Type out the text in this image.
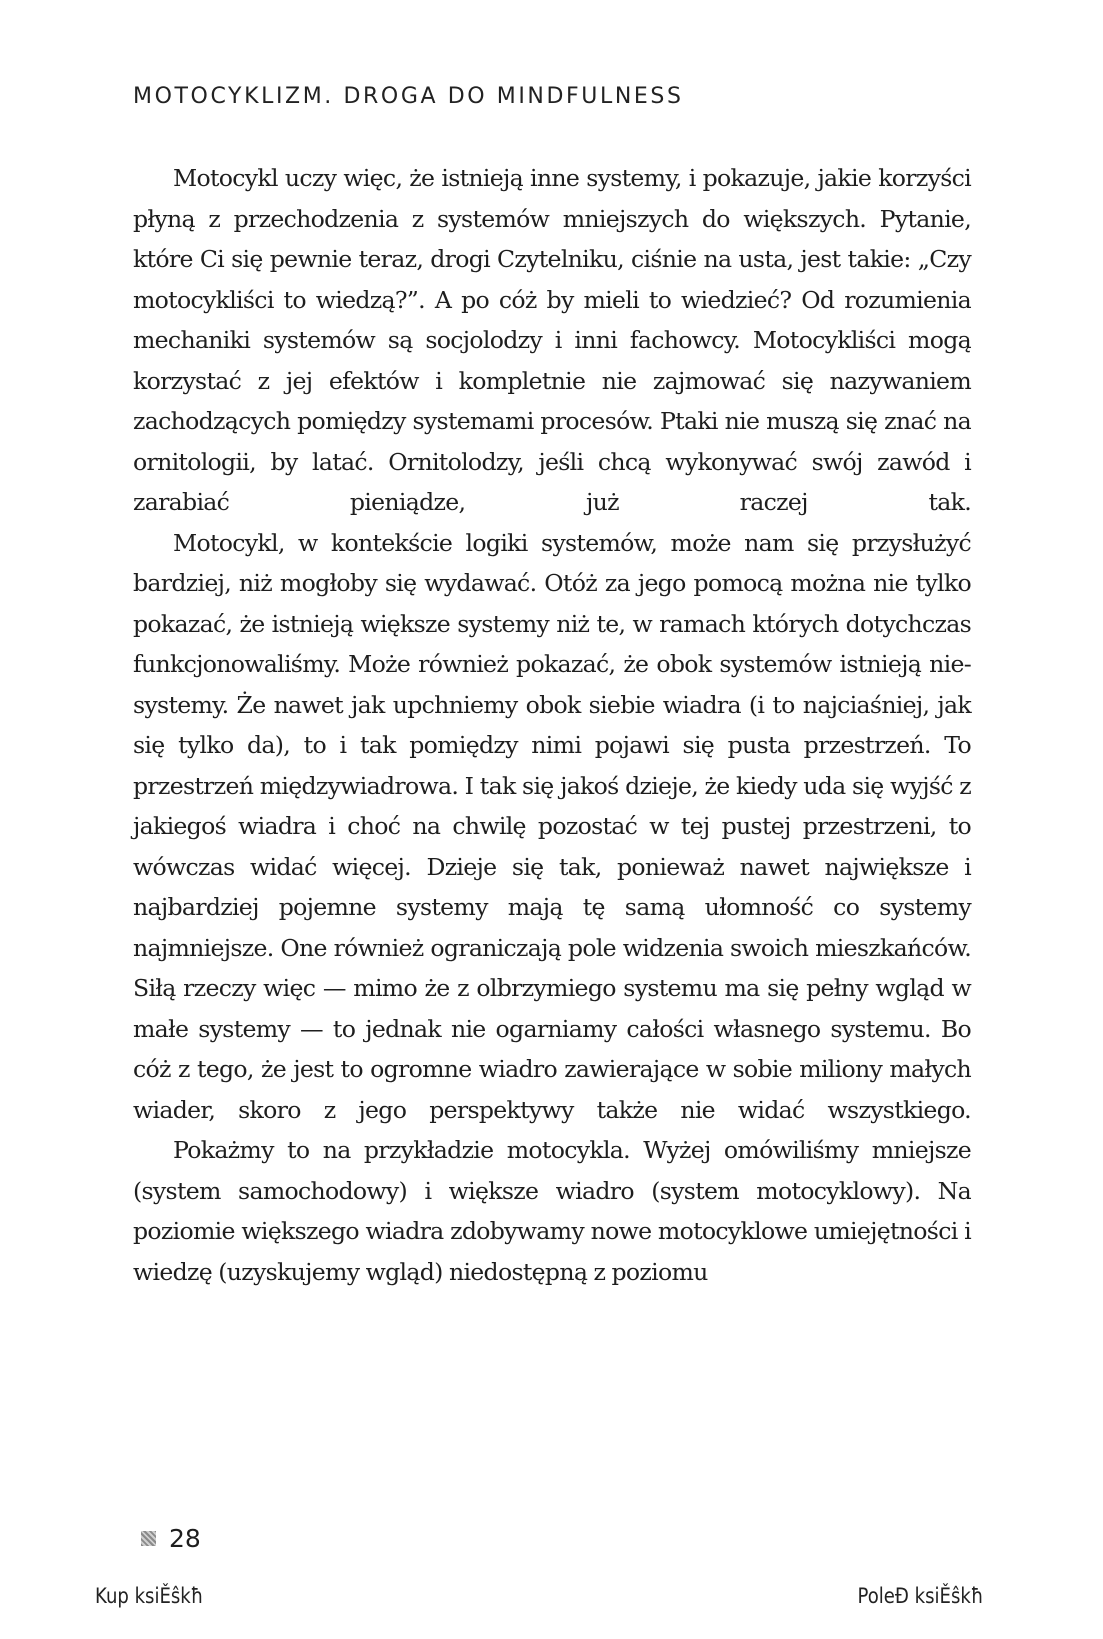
MOTOCYKLIZM. DROGA DO MINDFULNESS

Motocykl uczy więc, że istnieją inne systemy, i pokazuje, jakie korzyści płyną z przechodzenia z systemów mniejszych do większych. Pytanie, które Ci się pewnie teraz, drogi Czytelniku, ciśnie na usta, jest takie: „Czy motocykliści to wiedzą?”. A po cóż by mieli to wiedzieć? Od rozumienia mechaniki systemów są socjolodzy i inni fachowcy. Motocykliści mogą korzystać z jej efektów i kompletnie nie zajmować się nazywaniem zachodzących pomiędzy systemami procesów. Ptaki nie muszą się znać na ornitologii, by latać. Ornitolodzy, jeśli chcą wykonywać swój zawód i zarabiać pieniądze, już raczej tak.

Motocykl, w kontekście logiki systemów, może nam się przysłużyć bardziej, niż mogłoby się wydawać. Otóż za jego pomocą można nie tylko pokazać, że istnieją większe systemy niż te, w ramach których dotychczas funkcjonowaliśmy. Może również pokazać, że obok systemów istnieją nie-systemy. Że nawet jak upchniemy obok siebie wiadra (i to najciaśniej, jak się tylko da), to i tak pomiędzy nimi pojawi się pusta przestrzeń. To przestrzeń międzywiadrowa. I tak się jakoś dzieje, że kiedy uda się wyjść z jakiegoś wiadra i choć na chwilę pozostać w tej pustej przestrzeni, to wówczas widać więcej. Dzieje się tak, ponieważ nawet największe i najbardziej pojemne systemy mają tę samą ułomność co systemy najmniejsze. One również ograniczają pole widzenia swoich mieszkańców. Siłą rzeczy więc — mimo że z olbrzymiego systemu ma się pełny wgląd w małe systemy — to jednak nie ogarniamy całości własnego systemu. Bo cóż z tego, że jest to ogromne wiadro zawierające w sobie miliony małych wiader, skoro z jego perspektywy także nie widać wszystkiego.

Pokażmy to na przykładzie motocykla. Wyżej omówiliśmy mniejsze (system samochodowy) i większe wiadro (system motocyklowy). Na poziomie większego wiadra zdobywamy nowe motocyklowe umiejętności i wiedzę (uzyskujemy wgląd) niedostępną z poziomu

28
Kup ksiĚŝkħ	PoleĐ ksiĚŝkħ
